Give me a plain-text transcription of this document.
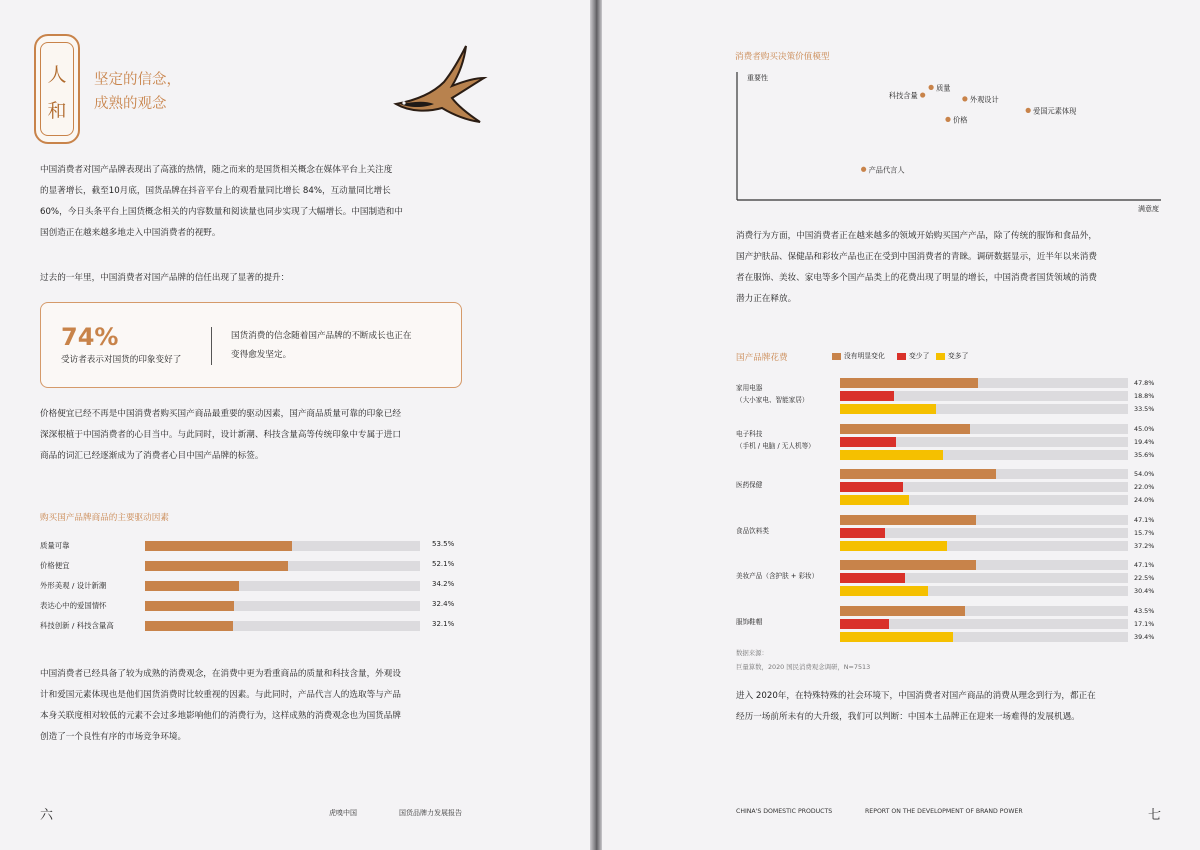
人
和
坚定的信念，
成熟的观念
中国消费者对国产品牌表现出了高涨的热情，随之而来的是国货相关概念在媒体平台上关注度
的显著增长，截至10月底，国货品牌在抖音平台上的观看量同比增长 84%，互动量同比增长
60%，今日头条平台上国货概念相关的内容数量和阅读量也同步实现了大幅增长。中国制造和中
国创造正在越来越多地走入中国消费者的视野。
过去的一年里，中国消费者对国产品牌的信任出现了显著的提升：
74%
受访者表示对国货的印象变好了
国货消费的信念随着国产品牌的不断成长也正在
变得愈发坚定。
价格便宜已经不再是中国消费者购买国产商品最重要的驱动因素，国产商品质量可靠的印象已经
深深根植于中国消费者的心目当中。与此同时，设计新潮、科技含量高等传统印象中专属于进口
商品的词汇已经逐渐成为了消费者心目中国产品牌的标签。
购买国产品牌商品的主要驱动因素
质量可靠	53.5%
价格便宜	52.1%
外形美观 / 设计新潮	34.2%
表达心中的爱国情怀	32.4%
科技创新 / 科技含量高	32.1%
中国消费者已经具备了较为成熟的消费观念，在消费中更为看重商品的质量和科技含量，外观设
计和爱国元素体现也是他们国货消费时比较重视的因素。与此同时，产品代言人的选取等与产品
本身关联度相对较低的元素不会过多地影响他们的消费行为，这样成熟的消费观念也为国货品牌
创造了一个良性有序的市场竞争环境。
六	虎嗅中国	国货品牌力发展报告
消费者购买决策价值模型
重要性
满意度
科技含量
质量
外观设计
爱国元素体现
价格
产品代言人
消费行为方面，中国消费者正在越来越多的领域开始购买国产产品，除了传统的服饰和食品外，
国产护肤品、保健品和彩妆产品也正在受到中国消费者的青睐。调研数据显示，近半年以来消费
者在服饰、美妆、家电等多个国产品类上的花费出现了明显的增长，中国消费者国货领域的消费
潜力正在释放。
国产品牌花费	没有明显变化	变少了	变多了
家用电器
（大小家电、智能家居）
47.8%
18.8%
33.5%
电子科技
（手机 / 电脑 / 无人机等）
45.0%
19.4%
35.6%
医药保健
54.0%
22.0%
24.0%
食品饮料类
47.1%
15.7%
37.2%
美妆产品（含护肤 + 彩妆）
47.1%
22.5%
30.4%
服饰鞋帽
43.5%
17.1%
39.4%
数据来源：
巨量算数，2020 国民消费观念调研，N=7513
进入 2020年，在特殊特殊的社会环境下，中国消费者对国产商品的消费从理念到行为，都正在
经历一场前所未有的大升级，我们可以判断：中国本土品牌正在迎来一场难得的发展机遇。
CHINA'S DOMESTIC PRODUCTS	REPORT ON THE DEVELOPMENT OF BRAND POWER	七
